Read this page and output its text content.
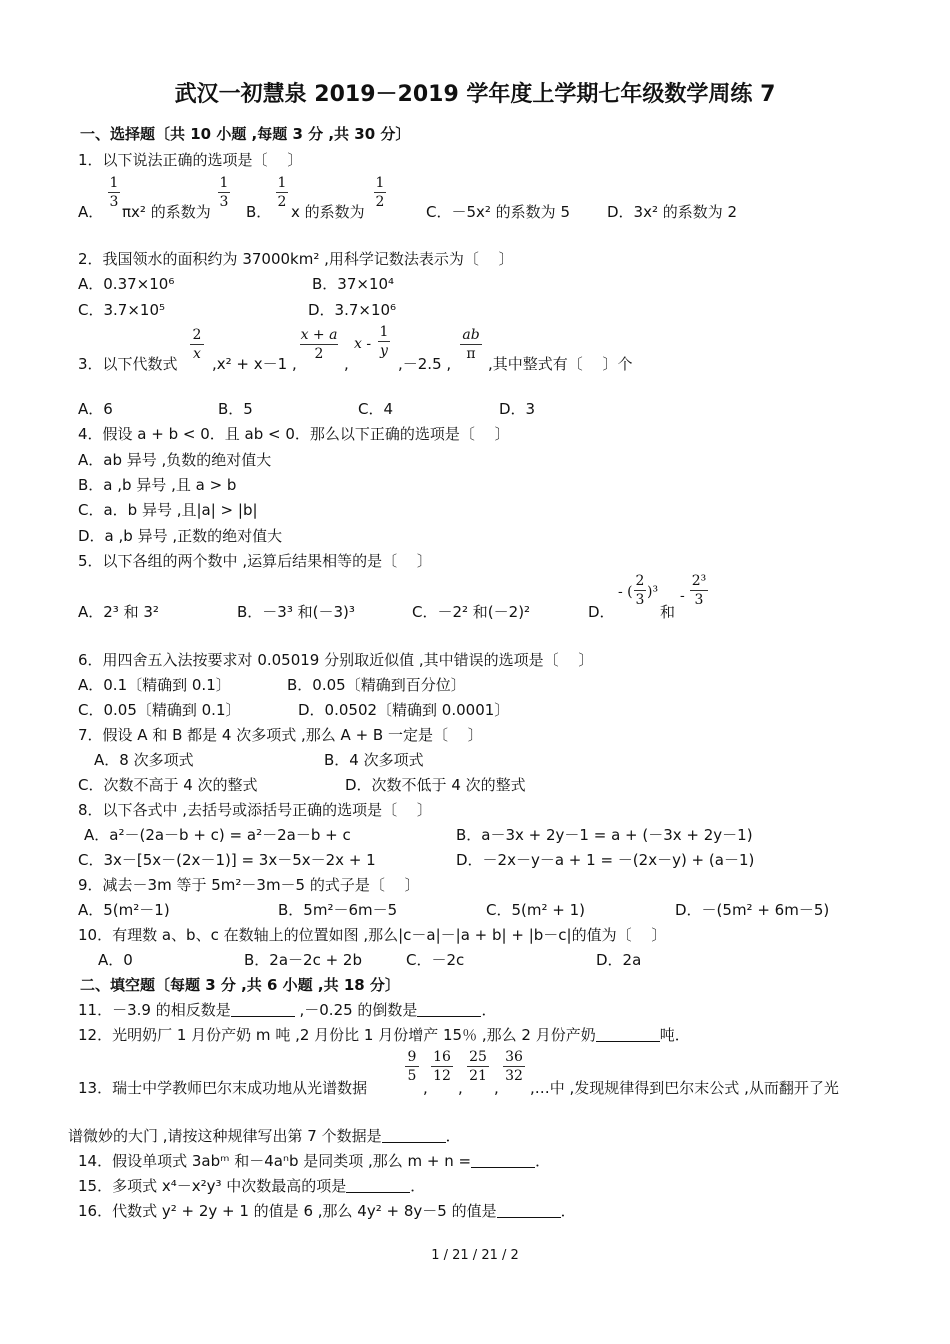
武汉一初慧泉 2019－2019 学年度上学期七年级数学周练 7
一、选择题〔共 10 小题 ,每题 3 分 ,共 30 分〕
1．以下说法正确的选项是〔　 〕
1
3
A． πx² 的系数为
1
3
B．
1
2
x 的系数为
1
2
C．－5x² 的系数为 5 D．3x² 的系数为 2
2．我国领水的面积约为 37000km² ,用科学记数法表示为〔　 〕
A．0.37×10⁶	B．37×10⁴
C．3.7×10⁵	D．3.7×10⁶
3．以下代数式
2
x
,x² + x－1 ,
x + a
2
,
x -
1
y
,－2.5 ,
ab
π
,其中整式有〔　 〕个
A．6	B．5	C．4	D．3
4．假设 a + b < 0．且 ab < 0．那么以下正确的选项是〔　 〕
A．ab 异号 ,负数的绝对值大
B．a ,b 异号 ,且 a > b
C．a．b 异号 ,且|a| > |b|
D．a ,b 异号 ,正数的绝对值大
5．以下各组的两个数中 ,运算后结果相等的是〔　 〕
A．2³ 和 3²	B．－3³ 和(－3)³	C．－2² 和(－2)²	D．
- (
2
3 )³
和
-
2³
3
6．用四舍五入法按要求对 0.05019 分别取近似值 ,其中错误的选项是〔　 〕
A．0.1〔精确到 0.1〕	B．0.05〔精确到百分位〕
C．0.05〔精确到 0.1〕	D．0.0502〔精确到 0.0001〕
7．假设 A 和 B 都是 4 次多项式 ,那么 A + B 一定是〔　 〕
A．8 次多项式	B．4 次多项式
C．次数不高于 4 次的整式	D．次数不低于 4 次的整式
8．以下各式中 ,去括号或添括号正确的选项是〔　 〕
A．a²－(2a－b + c) = a²－2a－b + c	B．a－3x + 2y－1 = a + (－3x + 2y－1)
C．3x－[5x－(2x－1)] = 3x－5x－2x + 1	D．－2x－y－a + 1 = －(2x－y) + (a－1)
9．减去－3m 等于 5m²－3m－5 的式子是〔　 〕
A．5(m²－1)	B．5m²－6m－5	C．5(m² + 1)	D．－(5m² + 6m－5)
10．有理数 a、b、c 在数轴上的位置如图 ,那么|c－a|－|a + b| + |b－c|的值为〔　 〕
A．0	B．2a－2c + 2b	C．－2c	D．2a
二、填空题〔每题 3 分 ,共 6 小题 ,共 18 分〕
11．－3.9 的相反数是	,－0.25 的倒数是	．
12．光明奶厂 1 月份产奶 m 吨 ,2 月份比 1 月份增产 15％ ,那么 2 月份产奶	吨．
13．瑞士中学教师巴尔末成功地从光谱数据
9
5
,
16
12
,
25
21
,
36
32
,…中 ,发现规律得到巴尔末公式 ,从而翻开了光
谱微妙的大门 ,请按这种规律写出第 7 个数据是	．
14．假设单项式 3abᵐ 和－4aⁿb 是同类项 ,那么 m + n =	．
15．多项式 x⁴－x²y³ 中次数最高的项是	．
16．代数式 y² + 2y + 1 的值是 6 ,那么 4y² + 8y－5 的值是	．
1 / 21 / 21 / 2
